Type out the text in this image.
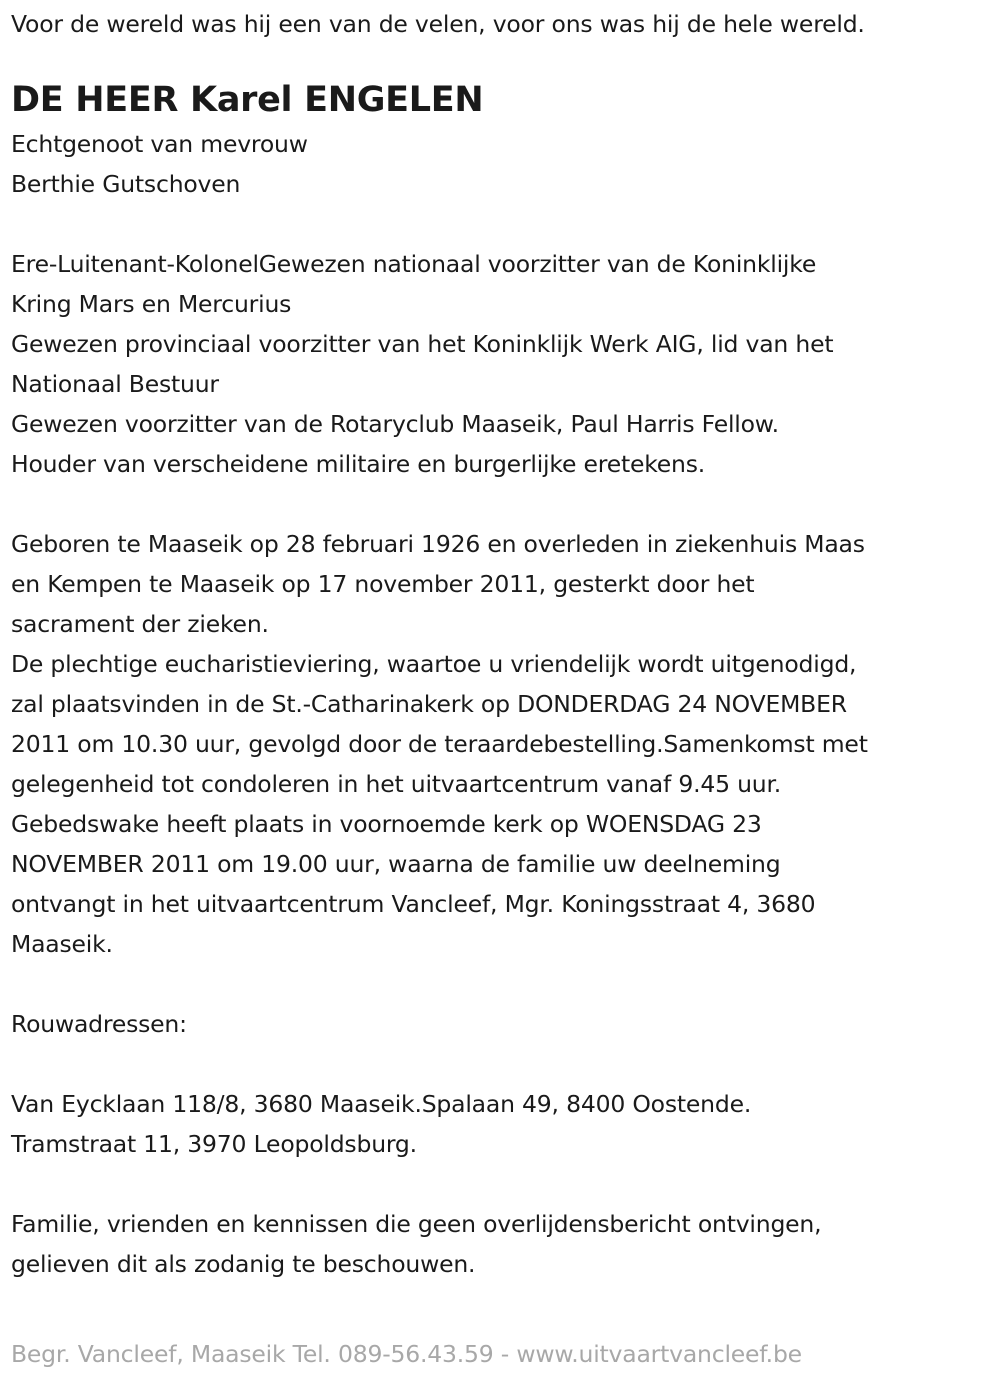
Voor de wereld was hij een van de velen, voor ons was hij de hele wereld.
DE HEER Karel ENGELEN
Echtgenoot van mevrouw
Berthie Gutschoven
Ere-Luitenant-KolonelGewezen nationaal voorzitter van de Koninklijke
Kring Mars en Mercurius
Gewezen provinciaal voorzitter van het Koninklijk Werk AIG, lid van het
Nationaal Bestuur
Gewezen voorzitter van de Rotaryclub Maaseik, Paul Harris Fellow.
Houder van verscheidene militaire en burgerlijke eretekens.
Geboren te Maaseik op 28 februari 1926 en overleden in ziekenhuis Maas
en Kempen te Maaseik op 17 november 2011, gesterkt door het
sacrament der zieken.
De plechtige eucharistieviering, waartoe u vriendelijk wordt uitgenodigd,
zal plaatsvinden in de St.-Catharinakerk op DONDERDAG 24 NOVEMBER
2011 om 10.30 uur, gevolgd door de teraardebestelling.Samenkomst met
gelegenheid tot condoleren in het uitvaartcentrum vanaf 9.45 uur.
Gebedswake heeft plaats in voornoemde kerk op WOENSDAG 23
NOVEMBER 2011 om 19.00 uur, waarna de familie uw deelneming
ontvangt in het uitvaartcentrum Vancleef, Mgr. Koningsstraat 4, 3680
Maaseik.
Rouwadressen:
Van Eycklaan 118/8, 3680 Maaseik.Spalaan 49, 8400 Oostende.
Tramstraat 11, 3970 Leopoldsburg.
Familie, vrienden en kennissen die geen overlijdensbericht ontvingen,
gelieven dit als zodanig te beschouwen.
Begr. Vancleef, Maaseik Tel. 089-56.43.59 - www.uitvaartvancleef.be
